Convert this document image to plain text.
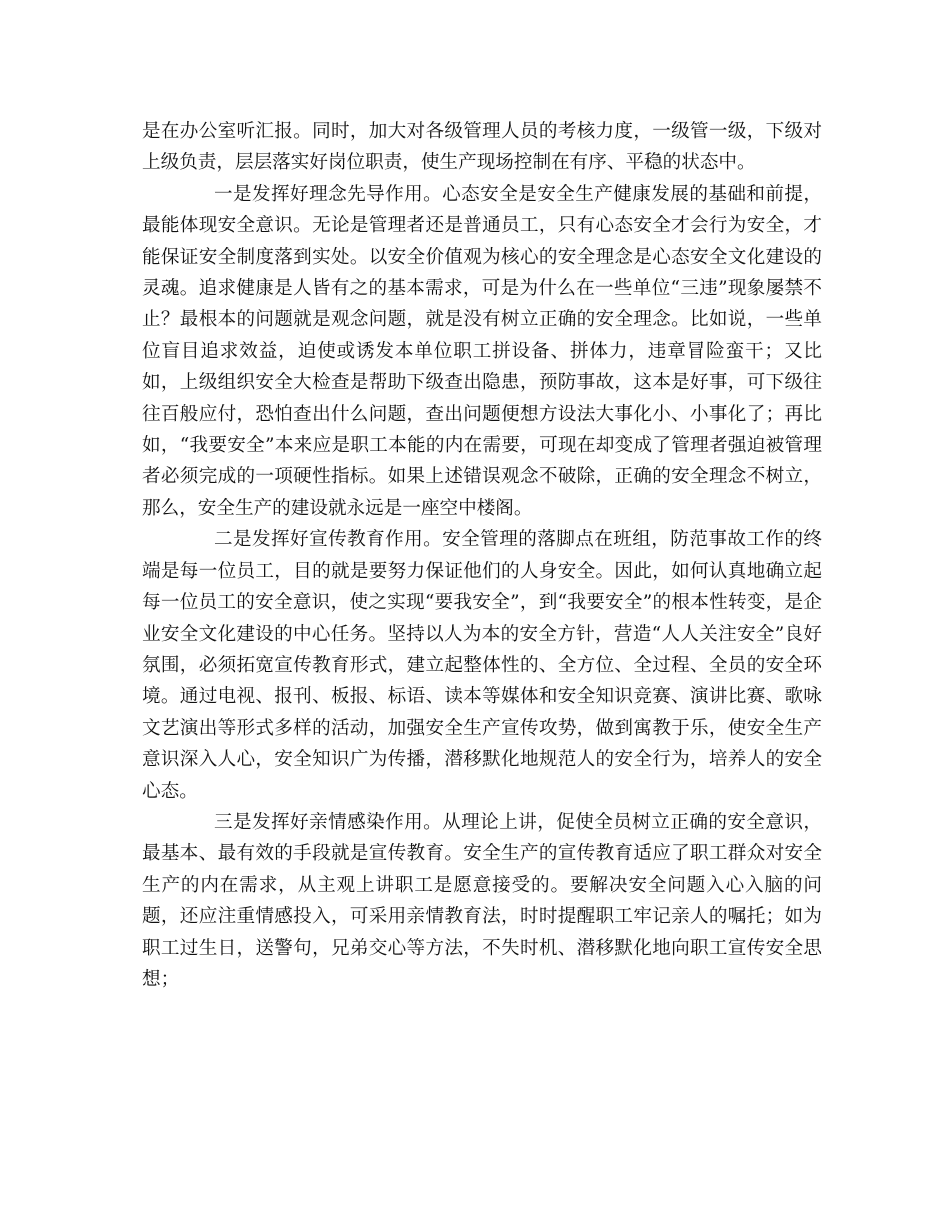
是在办公室听汇报。同时，加大对各级管理人员的考核力度，一级管一级，下级对上级负责，层层落实好岗位职责，使生产现场控制在有序、平稳的状态中。

一是发挥好理念先导作用。心态安全是安全生产健康发展的基础和前提，最能体现安全意识。无论是管理者还是普通员工，只有心态安全才会行为安全，才能保证安全制度落到实处。以安全价值观为核心的安全理念是心态安全文化建设的灵魂。追求健康是人皆有之的基本需求，可是为什么在一些单位“三违”现象屡禁不止？最根本的问题就是观念问题，就是没有树立正确的安全理念。比如说，一些单位盲目追求效益，迫使或诱发本单位职工拼设备、拼体力，违章冒险蛮干；又比如，上级组织安全大检查是帮助下级查出隐患，预防事故，这本是好事，可下级往往百般应付，恐怕查出什么问题，查出问题便想方设法大事化小、小事化了；再比如，“我要安全”本来应是职工本能的内在需要，可现在却变成了管理者强迫被管理者必须完成的一项硬性指标。如果上述错误观念不破除，正确的安全理念不树立，那么，安全生产的建设就永远是一座空中楼阁。

二是发挥好宣传教育作用。安全管理的落脚点在班组，防范事故工作的终端是每一位员工，目的就是要努力保证他们的人身安全。因此，如何认真地确立起每一位员工的安全意识，使之实现“要我安全”，到“我要安全”的根本性转变，是企业安全文化建设的中心任务。坚持以人为本的安全方针，营造“人人关注安全”良好氛围，必须拓宽宣传教育形式，建立起整体性的、全方位、全过程、全员的安全环境。通过电视、报刊、板报、标语、读本等媒体和安全知识竞赛、演讲比赛、歌咏文艺演出等形式多样的活动，加强安全生产宣传攻势，做到寓教于乐，使安全生产意识深入人心，安全知识广为传播，潜移默化地规范人的安全行为，培养人的安全心态。

三是发挥好亲情感染作用。从理论上讲，促使全员树立正确的安全意识，最基本、最有效的手段就是宣传教育。安全生产的宣传教育适应了职工群众对安全生产的内在需求，从主观上讲职工是愿意接受的。要解决安全问题入心入脑的问题，还应注重情感投入，可采用亲情教育法，时时提醒职工牢记亲人的嘱托；如为职工过生日，送警句，兄弟交心等方法，不失时机、潜移默化地向职工宣传安全思想；
